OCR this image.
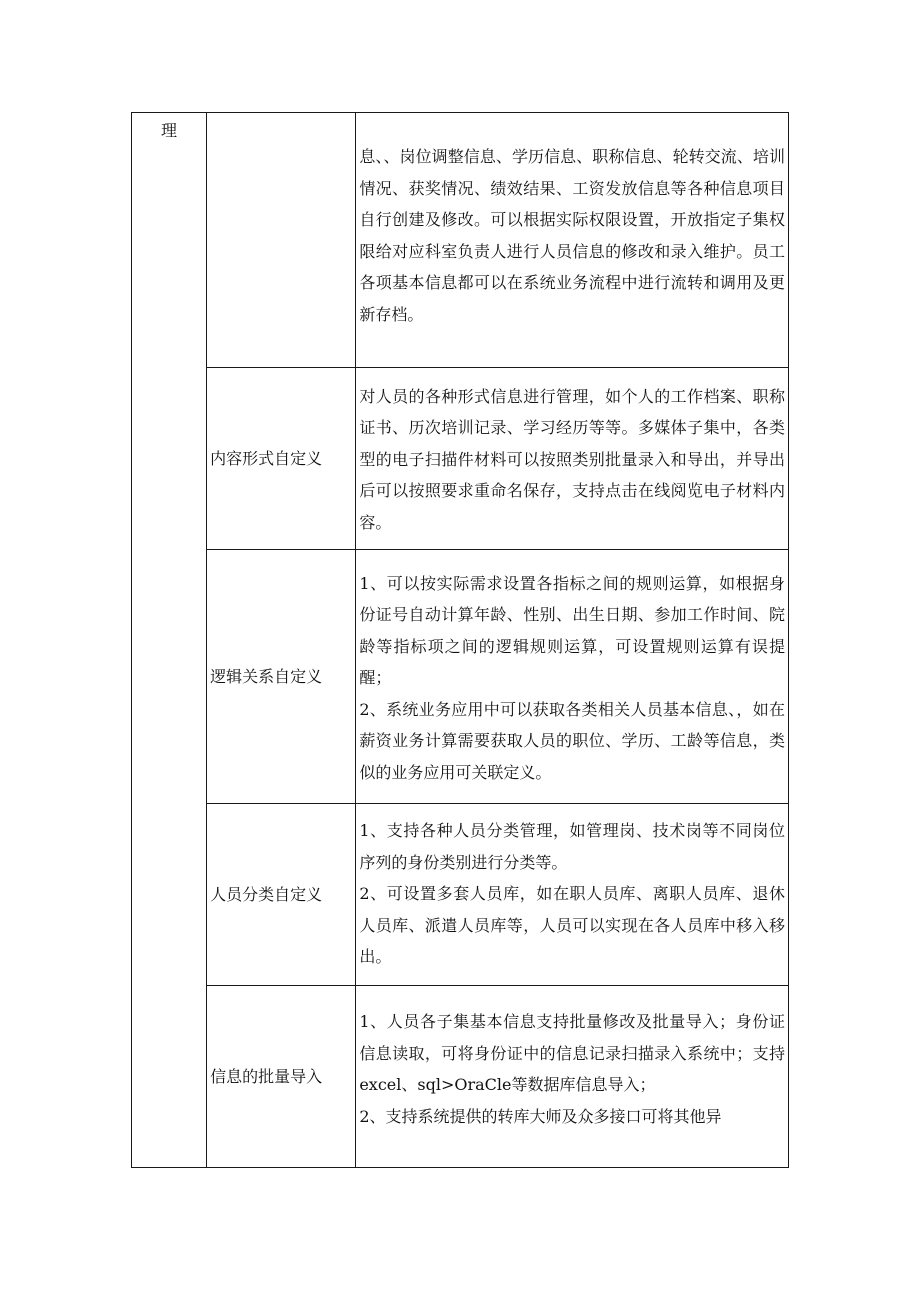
理		息、、岗位调整信息、学历信息、职称信息、轮转交流、培训情况、获奖情况、绩效结果、工资发放信息等各种信息项目自行创建及修改。可以根据实际权限设置，开放指定子集权限给对应科室负责人进行人员信息的修改和录入维护。员工各项基本信息都可以在系统业务流程中进行流转和调用及更新存档。

	内容形式自定义	对人员的各种形式信息进行管理，如个人的工作档案、职称证书、历次培训记录、学习经历等等。多媒体子集中，各类型的电子扫描件材料可以按照类别批量录入和导出，并导出后可以按照要求重命名保存，支持点击在线阅览电子材料内容。

	逻辑关系自定义	1、可以按实际需求设置各指标之间的规则运算，如根据身份证号自动计算年龄、性别、出生日期、参加工作时间、院龄等指标项之间的逻辑规则运算，可设置规则运算有误提醒；

2、系统业务应用中可以获取各类相关人员基本信息、，如在薪资业务计算需要获取人员的职位、学历、工龄等信息，类似的业务应用可关联定义。

	人员分类自定义	1、支持各种人员分类管理，如管理岗、技术岗等不同岗位序列的身份类别进行分类等。

2、可设置多套人员库，如在职人员库、离职人员库、退休人员库、派遣人员库等，人员可以实现在各人员库中移入移出。

	信息的批量导入	1、人员各子集基本信息支持批量修改及批量导入；身份证信息读取，可将身份证中的信息记录扫描录入系统中；支持excel、sql>OraCle等数据库信息导入；

2、支持系统提供的转库大师及众多接口可将其他异
